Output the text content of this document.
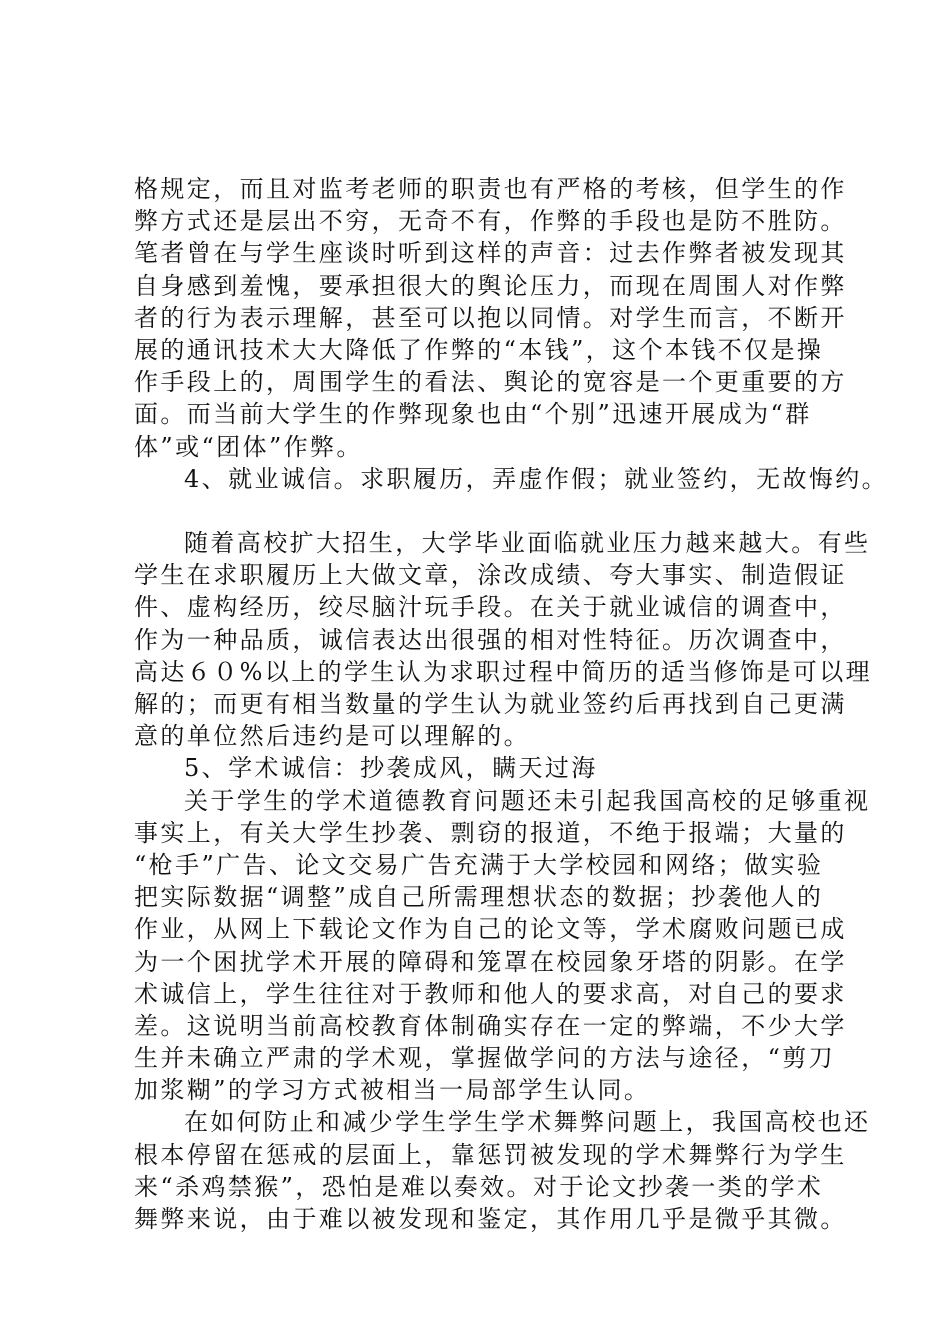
格规定，而且对监考老师的职责也有严格的考核，但学生的作
弊方式还是层出不穷，无奇不有，作弊的手段也是防不胜防。
笔者曾在与学生座谈时听到这样的声音：过去作弊者被发现其
自身感到羞愧，要承担很大的舆论压力，而现在周围人对作弊
者的行为表示理解，甚至可以抱以同情。对学生而言，不断开
展的通讯技术大大降低了作弊的“本钱”，这个本钱不仅是操
作手段上的，周围学生的看法、舆论的宽容是一个更重要的方
面。而当前大学生的作弊现象也由“个别”迅速开展成为“群
体”或“团体”作弊。
4、就业诚信。求职履历，弄虚作假；就业签约，无故悔约。
随着高校扩大招生，大学毕业面临就业压力越来越大。有些
学生在求职履历上大做文章，涂改成绩、夸大事实、制造假证
件、虚构经历，绞尽脑汁玩手段。在关于就业诚信的调查中，
作为一种品质，诚信表达出很强的相对性特征。历次调查中，
高达６０%以上的学生认为求职过程中简历的适当修饰是可以理
解的；而更有相当数量的学生认为就业签约后再找到自己更满
意的单位然后违约是可以理解的。
5、学术诚信：抄袭成风，瞒天过海
关于学生的学术道德教育问题还未引起我国高校的足够重视
事实上，有关大学生抄袭、剽窃的报道，不绝于报端；大量的
“枪手”广告、论文交易广告充满于大学校园和网络；做实验
把实际数据“调整”成自己所需理想状态的数据；抄袭他人的
作业，从网上下载论文作为自己的论文等，学术腐败问题已成
为一个困扰学术开展的障碍和笼罩在校园象牙塔的阴影。在学
术诚信上，学生往往对于教师和他人的要求高，对自己的要求
差。这说明当前高校教育体制确实存在一定的弊端，不少大学
生并未确立严肃的学术观，掌握做学问的方法与途径，“剪刀
加浆糊”的学习方式被相当一局部学生认同。
在如何防止和减少学生学生学术舞弊问题上，我国高校也还
根本停留在惩戒的层面上，靠惩罚被发现的学术舞弊行为学生
来“杀鸡禁猴”，恐怕是难以奏效。对于论文抄袭一类的学术
舞弊来说，由于难以被发现和鉴定，其作用几乎是微乎其微。
